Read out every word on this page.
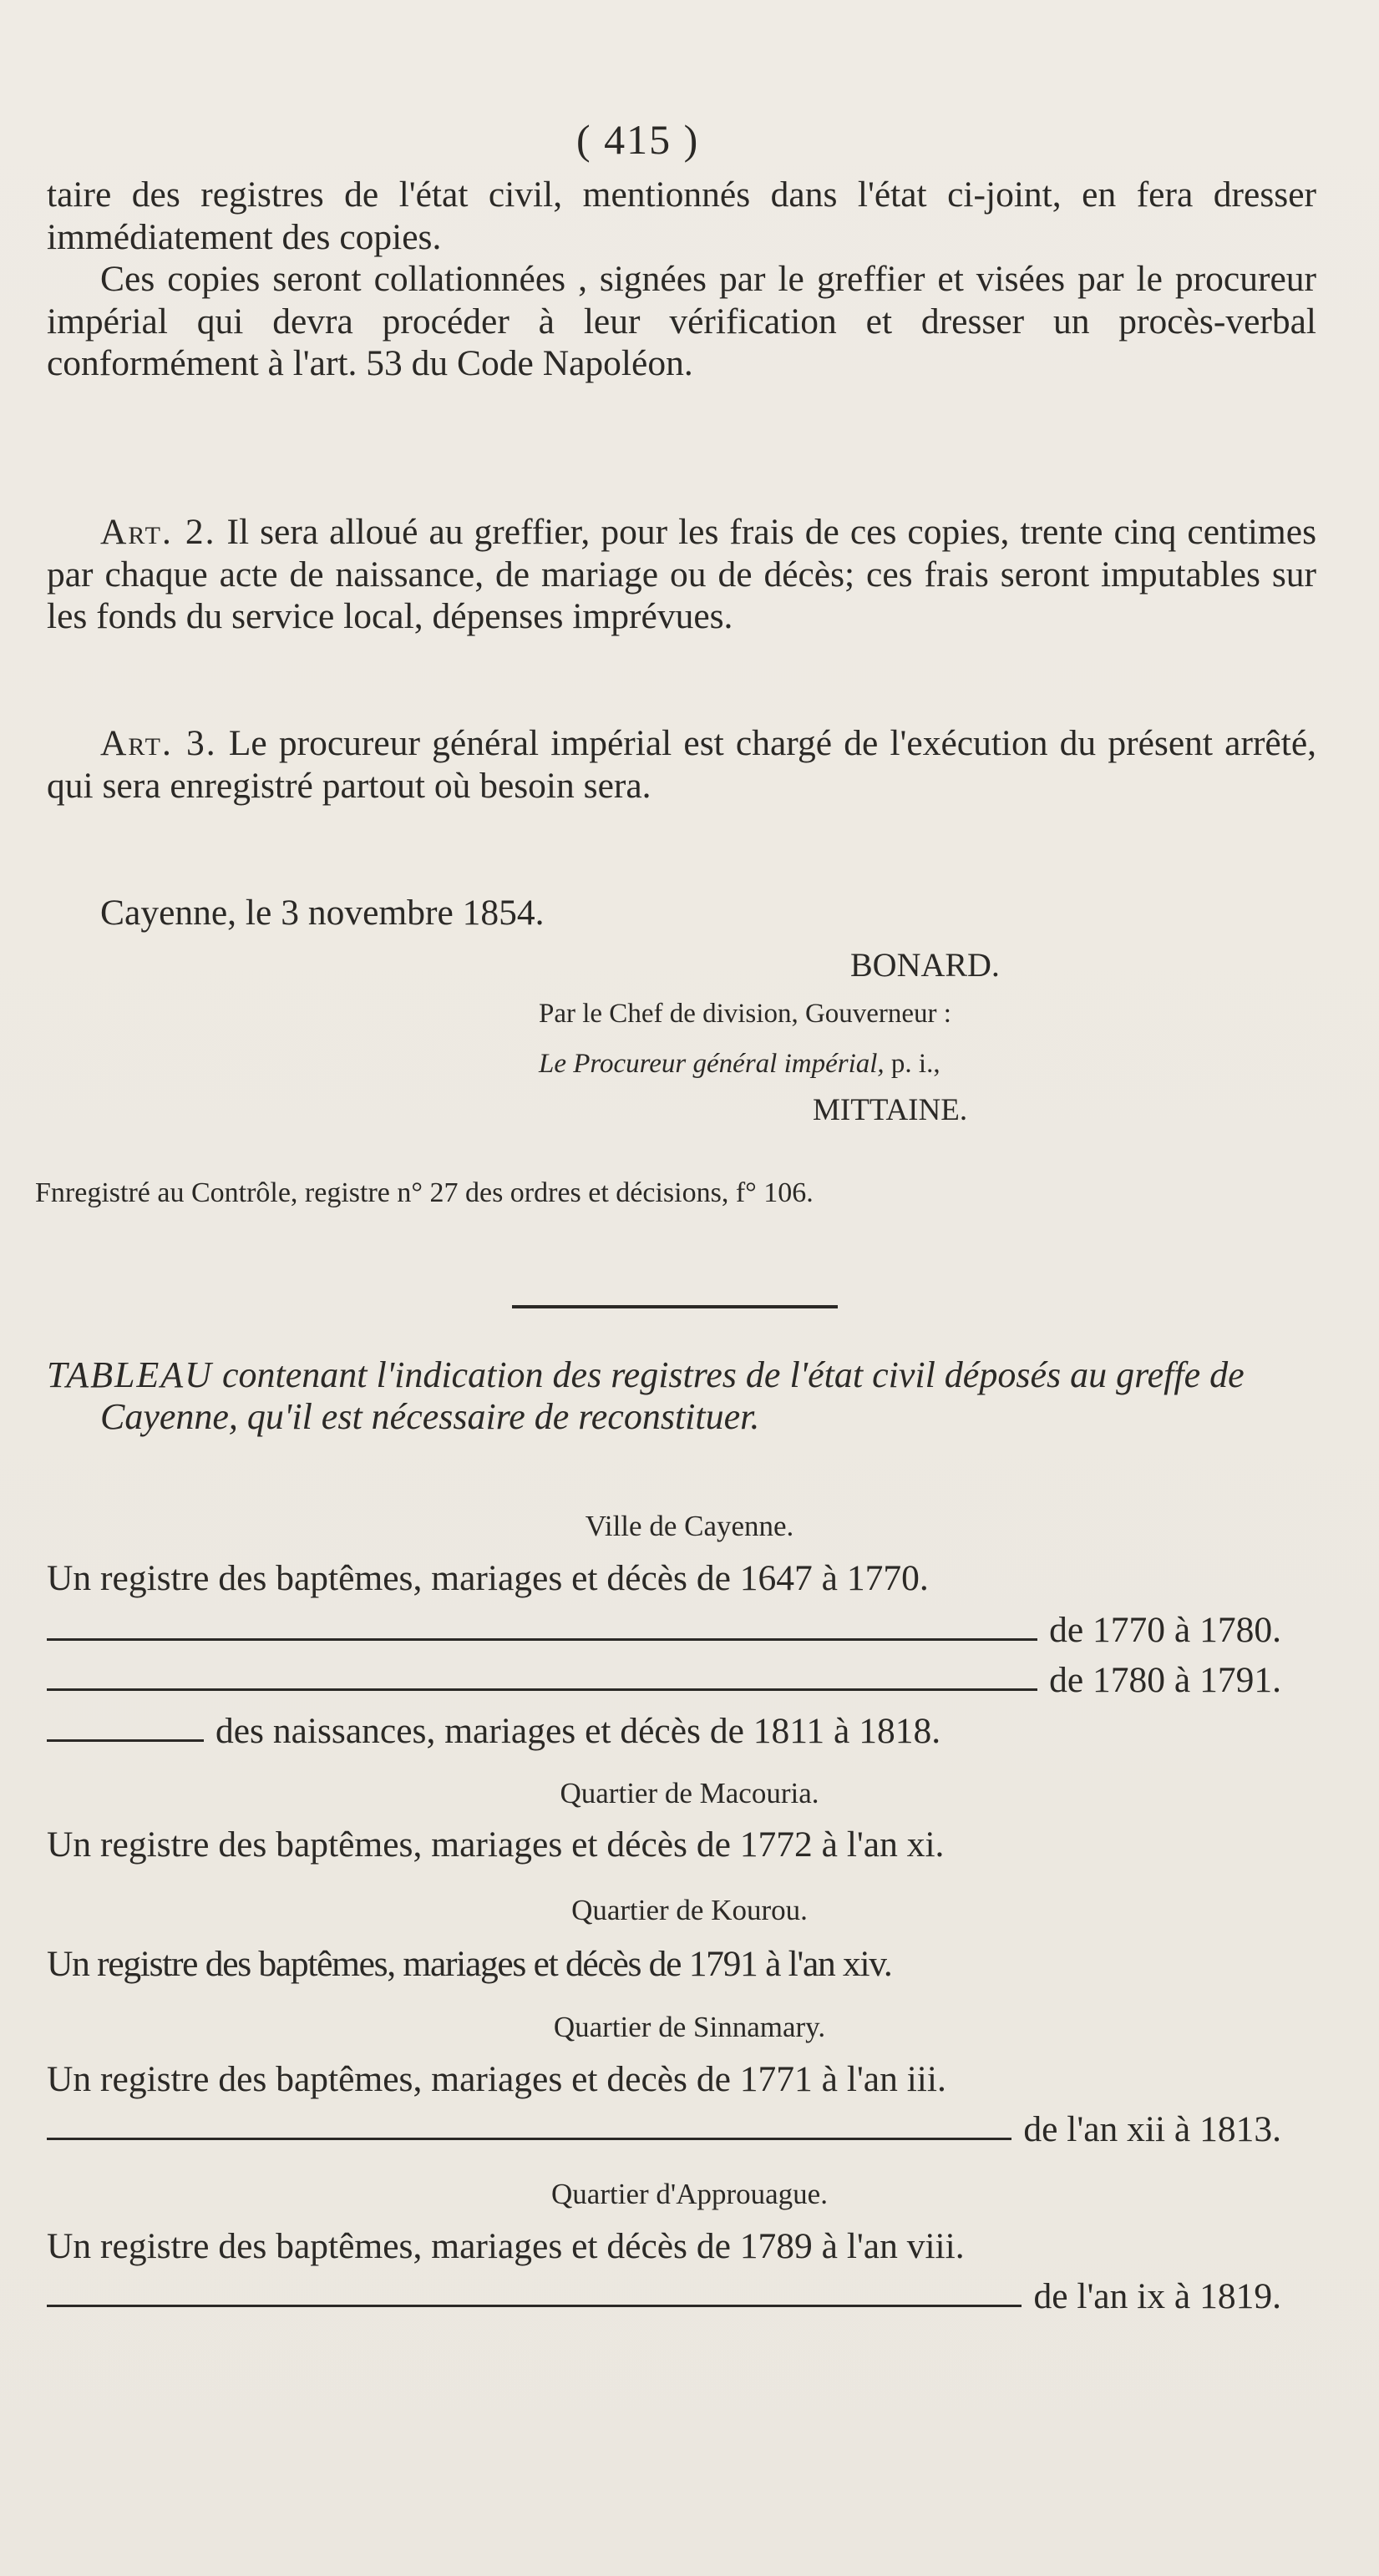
( 415 )
taire des registres de l'état civil, mentionnés dans l'état ci-joint, en fera dresser immédiatement des copies.
Ces copies seront collationnées , signées par le greffier et visées par le procureur impérial qui devra procéder à leur vérification et dresser un procès-verbal conformément à l'art. 53 du Code Napoléon.
Art. 2. Il sera alloué au greffier, pour les frais de ces copies, trente cinq centimes par chaque acte de naissance, de mariage ou de décès; ces frais seront imputables sur les fonds du service local, dépenses imprévues.
Art. 3. Le procureur général impérial est chargé de l'exécution du présent arrêté, qui sera enregistré partout où besoin sera.
Cayenne, le 3 novembre 1854.
BONARD.
Par le Chef de division, Gouverneur :
Le Procureur général impérial, p. i.,
MITTAINE.
Fnregistré au Contrôle, registre n° 27 des ordres et décisions, f° 106.
TABLEAU contenant l'indication des registres de l'état civil déposés au greffe de Cayenne, qu'il est nécessaire de reconstituer.
Ville de Cayenne.
Un registre des baptêmes, mariages et décès de 1647 à 1770.
de 1770 à 1780.
de 1780 à 1791.
des naissances, mariages et décès de 1811 à 1818.
Quartier de Macouria.
Un registre des baptêmes, mariages et décès de 1772 à l'an xi.
Quartier de Kourou.
Un registre des baptêmes, mariages et décès de 1791 à l'an xiv.
Quartier de Sinnamary.
Un registre des baptêmes, mariages et decès de 1771 à l'an iii.
de l'an xii à 1813.
Quartier d'Approuague.
Un registre des baptêmes, mariages et décès de 1789 à l'an viii.
de l'an ix à 1819.
